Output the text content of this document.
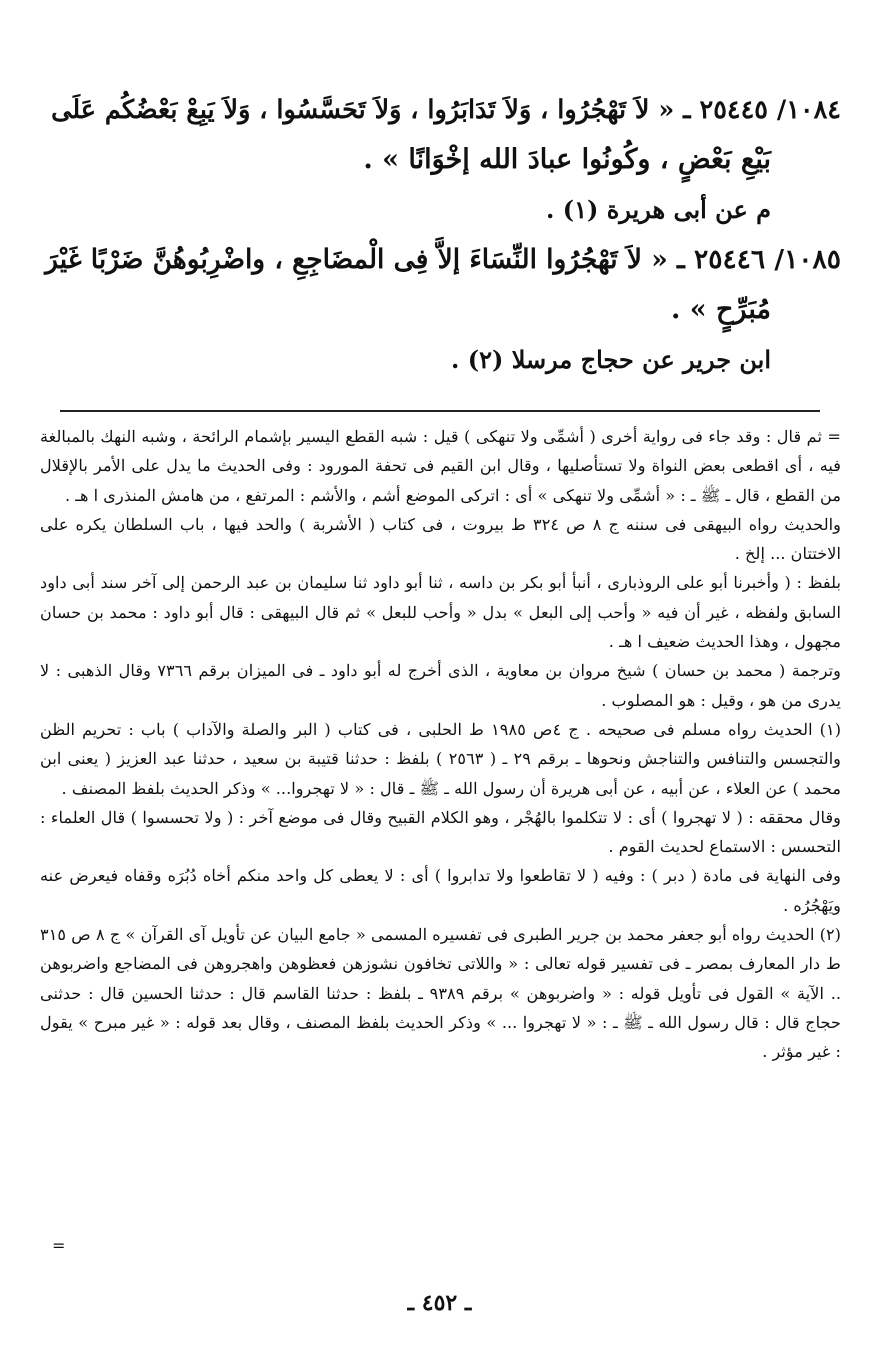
١٠٨٤/ ٢٥٤٤٥ ـ « لاَ تَهْجُرُوا ، وَلاَ تَدَابَرُوا ، وَلاَ تَحَسَّسُوا ، وَلاَ يَبِعْ بَعْضُكُم عَلَى

بَيْعِ بَعْضٍ ، وكُونُوا عبادَ الله إخْوَانًا » .

م عن أبى هريرة (١) .

١٠٨٥/ ٢٥٤٤٦ ـ « لاَ تَهْجُرُوا النِّسَاءَ إلاَّ فِى الْمضَاجِعِ ، واضْرِبُوهُنَّ ضَرْبًا غَيْرَ

مُبَرِّحٍ » .

ابن جرير عن حجاج مرسلا (٢) .

= ثم قال : وقد جاء فى رواية أخرى ( أشمِّى ولا تنهكى ) قيل : شبه القطع اليسير بإشمام الرائحة ، وشبه النهك بالمبالغة فيه ، أى اقطعى بعض النواة ولا تستأصليها ، وقال ابن القيم فى تحفة المورود : وفى الحديث ما يدل على الأمر بالإقلال من القطع ، قال ـ ﷺ ـ : « أشمِّى ولا تنهكى » أى : اتركى الموضع أشم ، والأشم : المرتفع ، من هامش المنذرى ا هـ .

والحديث رواه البيهقى فى سننه ج ٨ ص ٣٢٤ ط بيروت ، فى كتاب ( الأشربة ) والحد فيها ، باب السلطان يكره على الاختتان ... إلخ .

بلفظ : ( وأخبرنا أبو على الروذبارى ، أنبأ أبو بكر بن داسه ، ثنا أبو داود ثنا سليمان بن عبد الرحمن إلى آخر سند أبى داود السابق ولفظه ، غير أن فيه « وأحب إلى البعل » بدل « وأحب للبعل » ثم قال البيهقى : قال أبو داود : محمد بن حسان مجهول ، وهذا الحديث ضعيف ا هـ .

وترجمة ( محمد بن حسان ) شيخ مروان بن معاوية ، الذى أخرج له أبو داود ـ فى الميزان برقم ٧٣٦٦ وقال الذهبى : لا يدرى من هو ، وقيل : هو المصلوب .

(١) الحديث رواه مسلم فى صحيحه . ج ٤ص ١٩٨٥ ط الحلبى ، فى كتاب ( البر والصلة والآداب ) باب : تحريم الظن والتجسس والتنافس والتناجش ونحوها ـ برقم ٢٩ ـ ( ٢٥٦٣ ) بلفظ : حدثنا قتيبة بن سعيد ، حدثنا عبد العزيز ( يعنى ابن محمد ) عن العلاء ، عن أبيه ، عن أبى هريرة أن رسول الله ـ ﷺ ـ قال : « لا تهجروا... » وذكر الحديث بلفظ المصنف .

وقال محققه : ( لا تهجروا ) أى : لا تتكلموا بالهُجْر ، وهو الكلام القبيح وقال فى موضع آخر : ( ولا تحسسوا ) قال العلماء : التحسس : الاستماع لحديث القوم .

وفى النهاية فى مادة ( دبر ) : وفيه ( لا تقاطعوا ولا تدابروا ) أى : لا يعطى كل واحد منكم أخاه دُبُرَه وقفاه فيعرض عنه ويَهْجُرُه .

(٢) الحديث رواه أبو جعفر محمد بن جرير الطبرى فى تفسيره المسمى « جامع البيان عن تأويل آى القرآن » ج ٨ ص ٣١٥ ط دار المعارف بمصر ـ فى تفسير قوله تعالى : « واللاتى تخافون نشوزهن فعظوهن واهجروهن فى المضاجع واضربوهن .. الآية » القول فى تأويل قوله : « واضربوهن » برقم ٩٣٨٩ ـ بلفظ : حدثنا القاسم قال : حدثنا الحسين قال : حدثنى حجاج قال : قال رسول الله ـ ﷺ ـ : « لا تهجروا ... » وذكر الحديث بلفظ المصنف ، وقال بعد قوله : « غير مبرح » يقول : غير مؤثر .

=
ـ ٤٥٢ ـ
